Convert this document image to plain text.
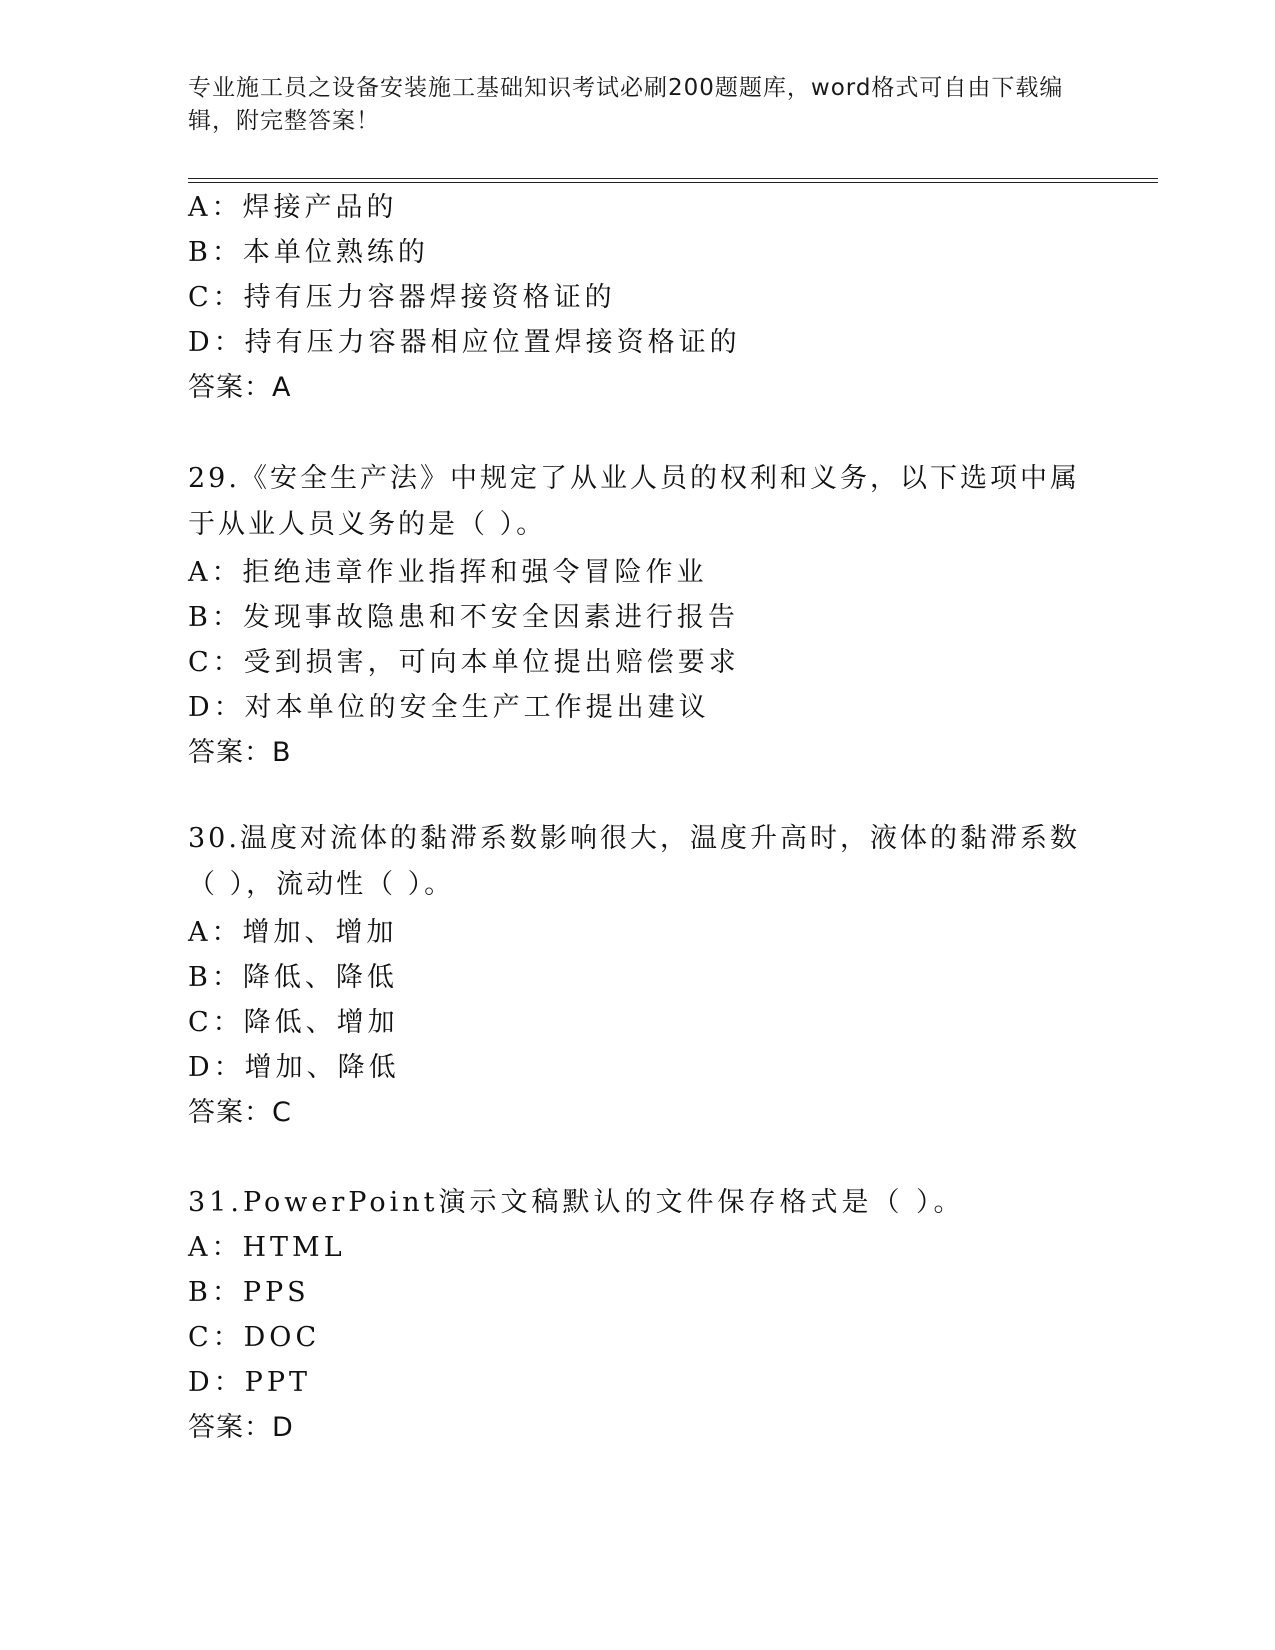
专业施工员之设备安装施工基础知识考试必刷200题题库，word格式可自由下载编辑，附完整答案！
A：焊接产品的
B：本单位熟练的
C：持有压力容器焊接资格证的
D：持有压力容器相应位置焊接资格证的
答案：A
29.《安全生产法》中规定了从业人员的权利和义务，以下选项中属于从业人员义务的是（ ）。
A：拒绝违章作业指挥和强令冒险作业
B：发现事故隐患和不安全因素进行报告
C：受到损害，可向本单位提出赔偿要求
D：对本单位的安全生产工作提出建议
答案：B
30.温度对流体的黏滞系数影响很大，温度升高时，液体的黏滞系数（ ），流动性（ ）。
A：增加、增加
B：降低、降低
C：降低、增加
D：增加、降低
答案：C
31.PowerPoint演示文稿默认的文件保存格式是（ ）。
A：HTML
B：PPS
C：DOC
D：PPT
答案：D
